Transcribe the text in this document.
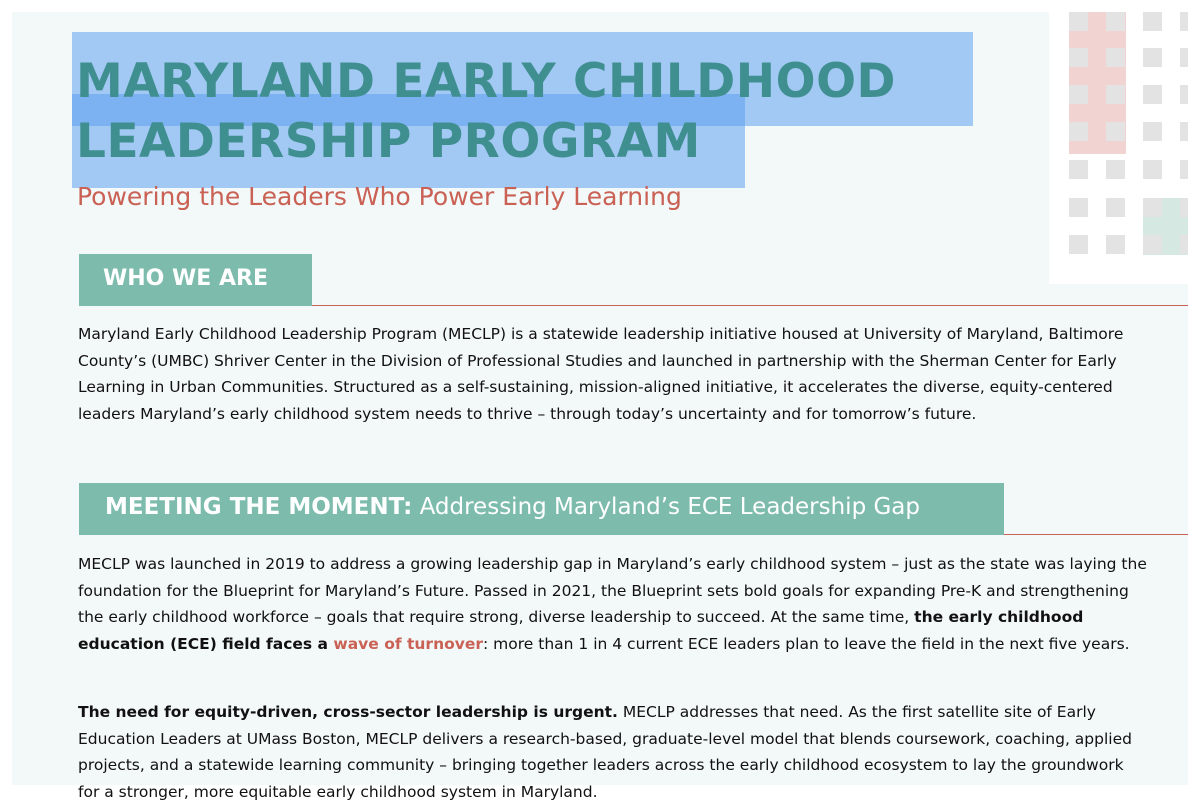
MARYLAND EARLY CHILDHOOD
LEADERSHIP PROGRAM

Powering the Leaders Who Power Early Learning

WHO WE ARE

Maryland Early Childhood Leadership Program (MECLP) is a statewide leadership initiative housed at University of Maryland, Baltimore County’s (UMBC) Shriver Center in the Division of Professional Studies and launched in partnership with the Sherman Center for Early Learning in Urban Communities. Structured as a self-sustaining, mission-aligned initiative, it accelerates the diverse, equity-centered leaders Maryland’s early childhood system needs to thrive – through today’s uncertainty and for tomorrow’s future.

MEETING THE MOMENT: Addressing Maryland’s ECE Leadership Gap

MECLP was launched in 2019 to address a growing leadership gap in Maryland’s early childhood system – just as the state was laying the foundation for the Blueprint for Maryland’s Future. Passed in 2021, the Blueprint sets bold goals for expanding Pre-K and strengthening the early childhood workforce – goals that require strong, diverse leadership to succeed. At the same time, the early childhood education (ECE) field faces a wave of turnover: more than 1 in 4 current ECE leaders plan to leave the field in the next five years.

The need for equity-driven, cross-sector leadership is urgent. MECLP addresses that need. As the first satellite site of Early Education Leaders at UMass Boston, MECLP delivers a research-based, graduate-level model that blends coursework, coaching, applied projects, and a statewide learning community – bringing together leaders across the early childhood ecosystem to lay the groundwork for a stronger, more equitable early childhood system in Maryland.
